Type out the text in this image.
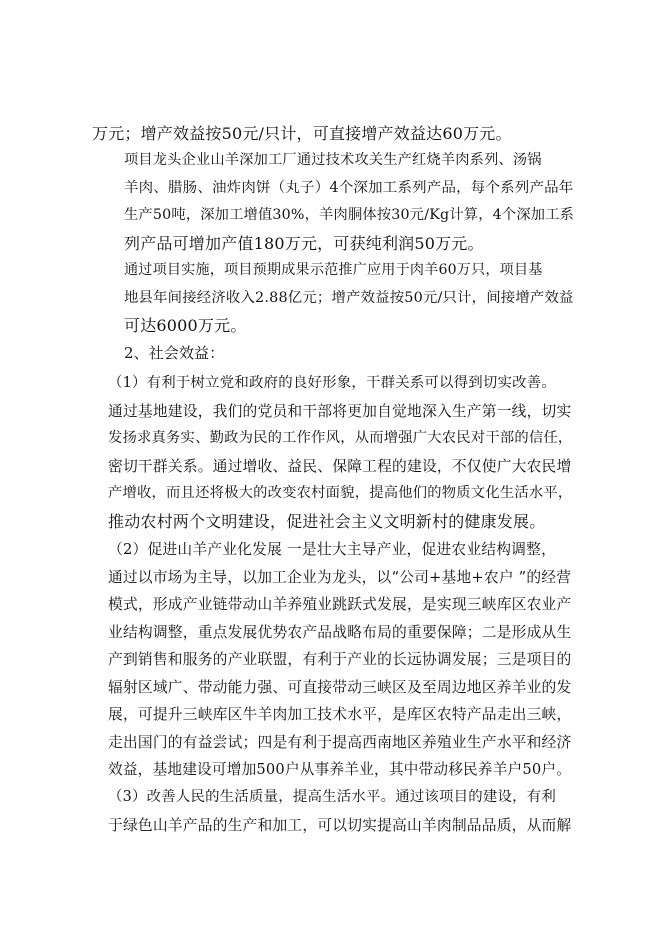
万元；增产效益按50元/只计，可直接增产效益达60万元。

项目龙头企业山羊深加工厂通过技术攻关生产红烧羊肉系列、汤锅
羊肉、腊肠、油炸肉饼（丸子）4个深加工系列产品，每个系列产品年
生产50吨，深加工增值30%，羊肉胴体按30元/Kg计算，4个深加工系
列产品可增加产值180万元，可获纯利润50万元。

通过项目实施，项目预期成果示范推广应用于肉羊60万只，项目基
地县年间接经济收入2.88亿元；增产效益按50元/只计，间接增产效益
可达6000万元。

2、社会效益：

（1）有利于树立党和政府的良好形象，干群关系可以得到切实改善。
通过基地建设，我们的党员和干部将更加自觉地深入生产第一线，切实
发扬求真务实、勤政为民的工作作风，从而增强广大农民对干部的信任，
密切干群关系。通过增收、益民、保障工程的建设，不仅使广大农民增
产增收，而且还将极大的改变农村面貌，提高他们的物质文化生活水平，
推动农村两个文明建设，促进社会主义文明新村的健康发展。

（2）促进山羊产业化发展 一是壮大主导产业，促进农业结构调整，
通过以市场为主导，以加工企业为龙头，以“公司+基地+农户 ”的经营
模式，形成产业链带动山羊养殖业跳跃式发展，是实现三峡库区农业产
业结构调整，重点发展优势农产品战略布局的重要保障；二是形成从生
产到销售和服务的产业联盟，有利于产业的长远协调发展；三是项目的
辐射区域广、带动能力强、可直接带动三峡区及至周边地区养羊业的发
展，可提升三峡库区牛羊肉加工技术水平，是库区农特产品走出三峡，
走出国门的有益尝试；四是有利于提高西南地区养殖业生产水平和经济
效益，基地建设可增加500户从事养羊业，其中带动移民养羊户50户。

（3）改善人民的生活质量，提高生活水平。通过该项目的建设，有利
于绿色山羊产品的生产和加工，可以切实提高山羊肉制品品质，从而解
